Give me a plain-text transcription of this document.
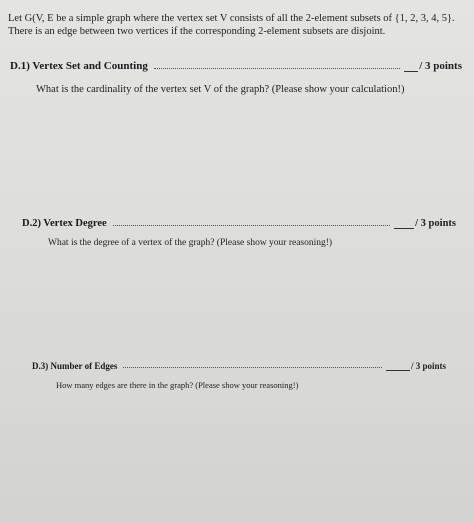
Let G(V, E be a simple graph where the vertex set V consists of all the 2-element subsets of {1, 2, 3, 4, 5}.
There is an edge between two vertices if the corresponding 2-element subsets are disjoint.
D.1) Vertex Set and Counting	/ 3 points
What is the cardinality of the vertex set V of the graph? (Please show your calculation!)
D.2) Vertex Degree	/ 3 points
What is the degree of a vertex of the graph? (Please show your reasoning!)
D.3) Number of Edges	/ 3 points
How many edges are there in the graph? (Please show your reasoning!)
